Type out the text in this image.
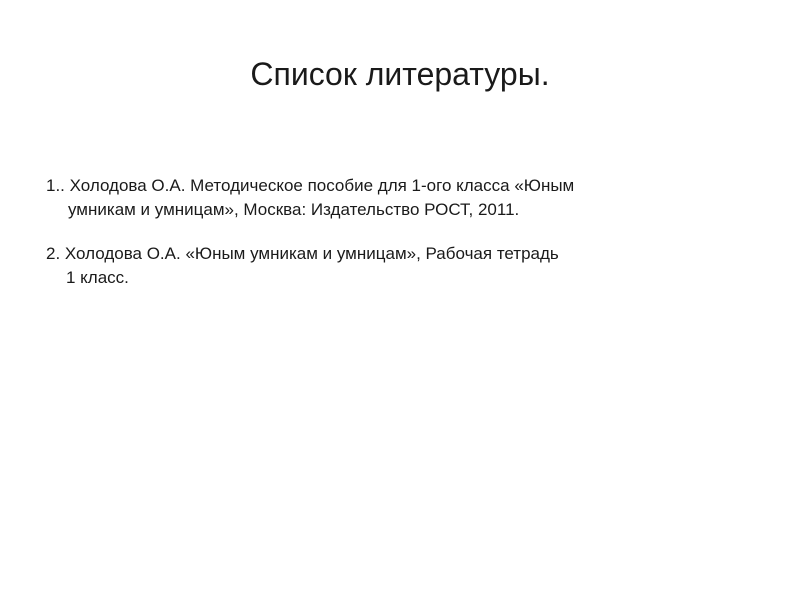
Список литературы.
1.. Холодова О.А. Методическое пособие для 1-ого класса «Юным
умникам и умницам», Москва: Издательство РОСТ, 2011.
2. Холодова О.А. «Юным умникам и умницам», Рабочая тетрадь
1 класс.
